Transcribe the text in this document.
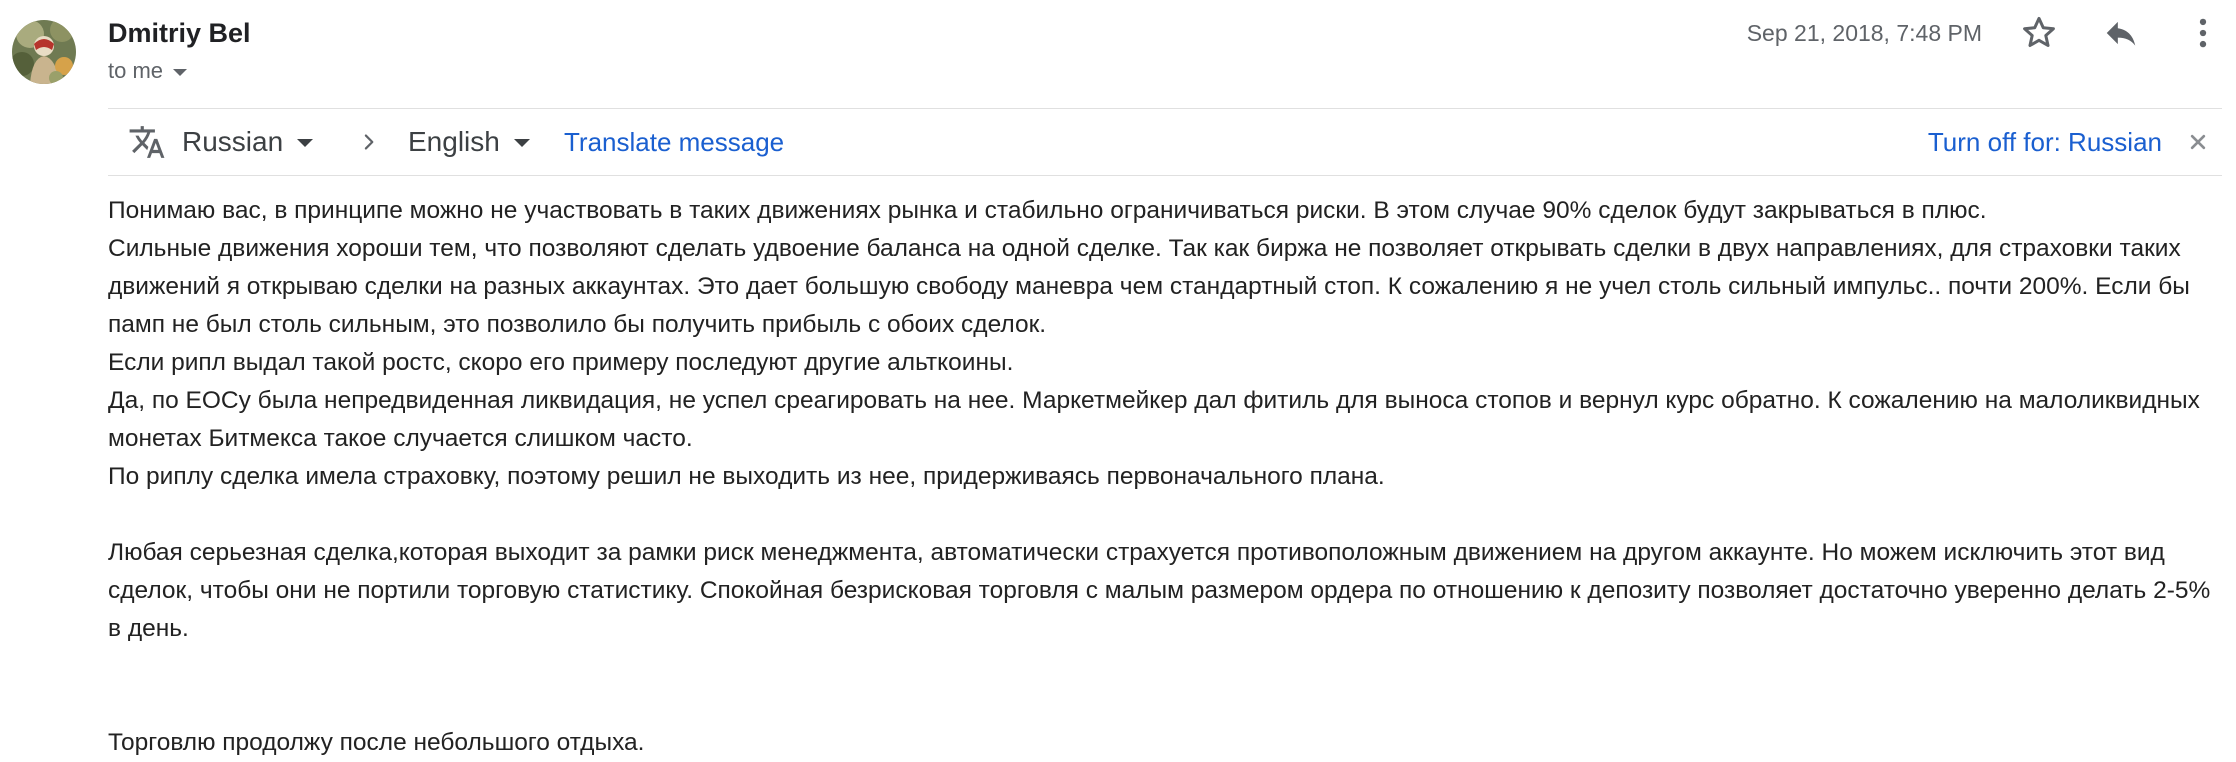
Dmitriy Bel
to me
Sep 21, 2018, 7:48 PM
Russian	English Translate message	Turn off for: Russian

Понимаю вас, в принципе можно не участвовать в таких движениях рынка и стабильно ограничиваться риски. В этом случае 90% сделок будут закрываться в плюс.

Сильные движения хороши тем, что позволяют сделать удвоение баланса на одной сделке. Так как биржа не позволяет открывать сделки в двух направлениях, для страховки таких движений я открываю сделки на разных аккаунтах. Это дает большую свободу маневра чем стандартный стоп. К сожалению я не учел столь сильный импульс.. почти 200%. Если бы памп не был столь сильным, это позволило бы получить прибыль с обоих сделок.

Если рипл выдал такой ростс, скоро его примеру последуют другие альткоины.

Да, по EOCу была непредвиденная ликвидация, не успел среагировать на нее. Маркетмейкер дал фитиль для выноса стопов и вернул курс обратно. К сожалению на малоликвидных монетах Битмекса такое случается слишком часто.

По риплу сделка имела страховку, поэтому решил не выходить из нее, придерживаясь первоначального плана.

Любая серьезная сделка,которая выходит за рамки риск менеджмента, автоматически страхуется противоположным движением на другом аккаунте. Но можем исключить этот вид сделок, чтобы они не портили торговую статистику. Спокойная безрисковая торговля с малым размером ордера по отношению к депозиту позволяет достаточно уверенно делать 2-5% в день.

Торговлю продолжу после небольшого отдыха.
